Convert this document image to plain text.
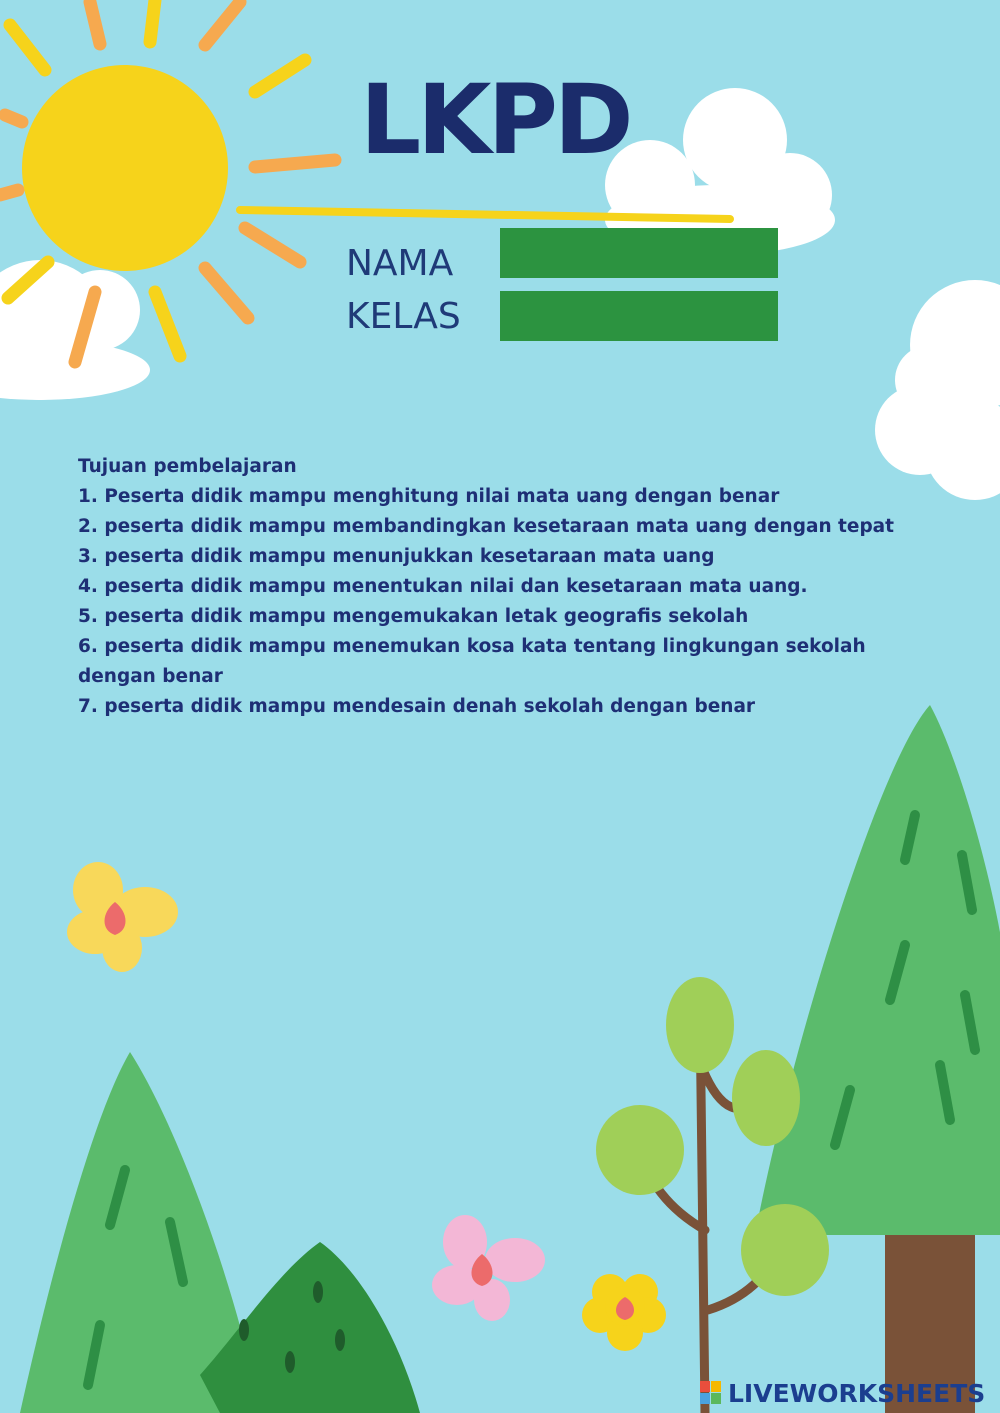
LKPD
NAMA
KELAS
Tujuan pembelajaran
1. Peserta didik mampu menghitung nilai mata uang dengan benar
2. peserta didik mampu membandingkan kesetaraan mata uang dengan tepat
3. peserta didik mampu menunjukkan kesetaraan mata uang
4. peserta didik mampu menentukan nilai dan kesetaraan mata uang.
5. peserta didik mampu mengemukakan letak geografis sekolah
6. peserta didik mampu menemukan kosa kata tentang lingkungan sekolah dengan benar
7. peserta didik mampu mendesain denah sekolah dengan benar
LIVEWORKSHEETS
